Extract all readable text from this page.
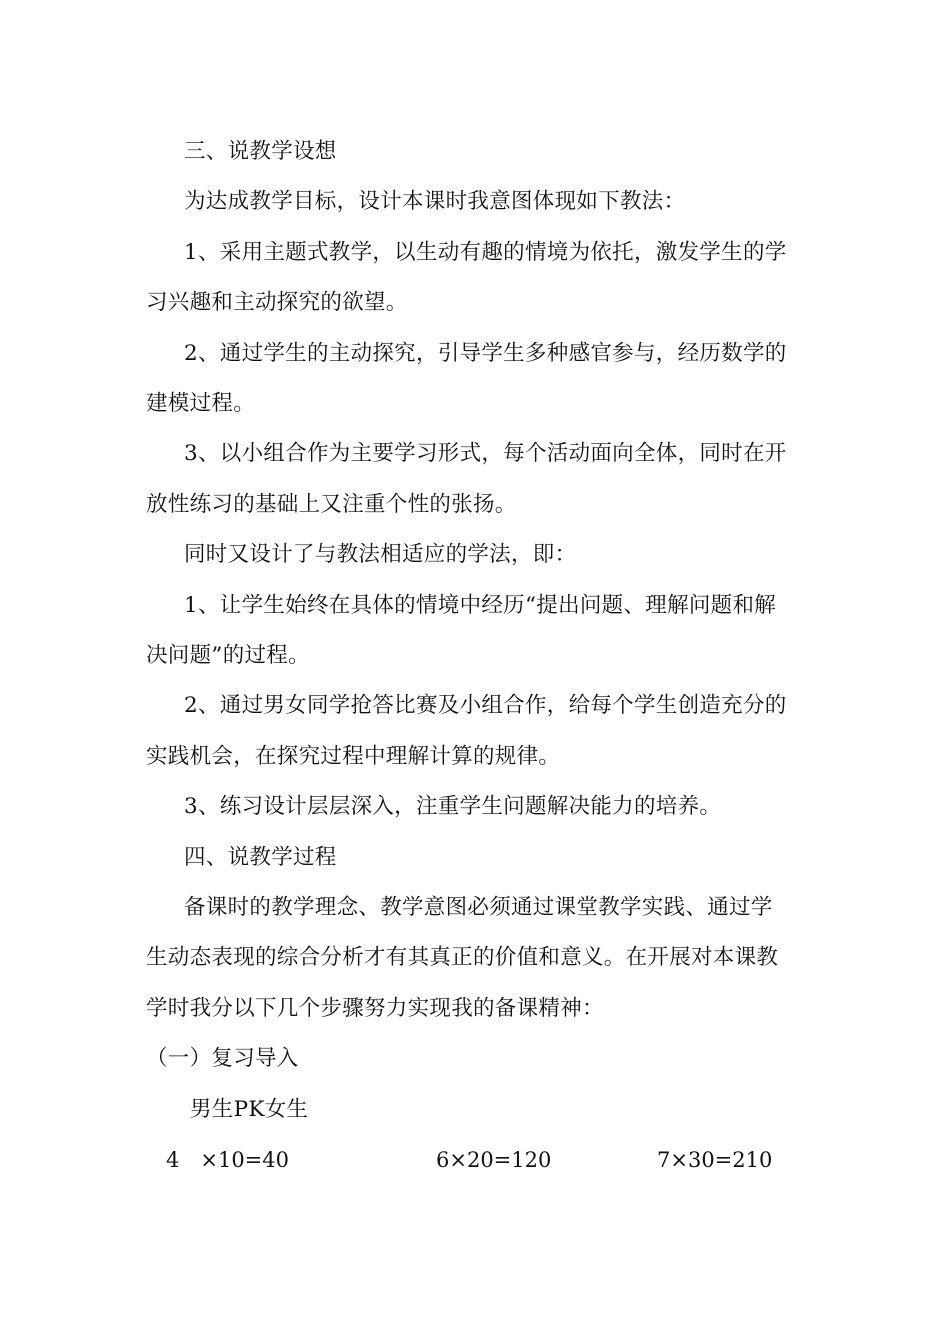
三、说教学设想
为达成教学目标，设计本课时我意图体现如下教法：
1、采用主题式教学，以生动有趣的情境为依托，激发学生的学
习兴趣和主动探究的欲望。
2、通过学生的主动探究，引导学生多种感官参与，经历数学的
建模过程。
3、以小组合作为主要学习形式，每个活动面向全体，同时在开
放性练习的基础上又注重个性的张扬。
同时又设计了与教法相适应的学法，即：
1、让学生始终在具体的情境中经历“提出问题、理解问题和解
决问题”的过程。
2、通过男女同学抢答比赛及小组合作，给每个学生创造充分的
实践机会，在探究过程中理解计算的规律。
3、练习设计层层深入，注重学生问题解决能力的培养。
四、说教学过程
备课时的教学理念、教学意图必须通过课堂教学实践、通过学
生动态表现的综合分析才有其真正的价值和意义。在开展对本课教
学时我分以下几个步骤努力实现我的备课精神：
（一）复习导入
男生PK女生
4　×10=40	6×20=120	7×30=210
